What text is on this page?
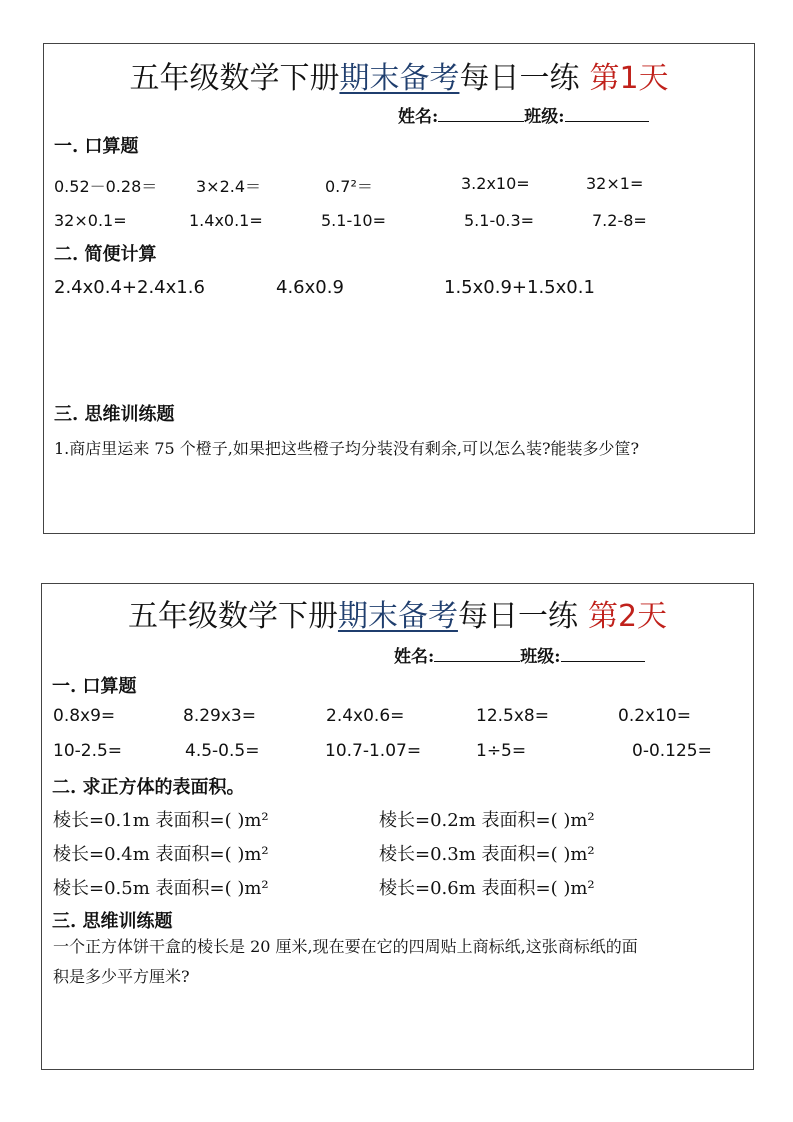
五年级数学下册期末备考每日一练 第1天
姓名:	班级:
一. 口算题
0.52－0.28＝ 3×2.4＝	0.7²＝	3.2x10=	32×1=
32×0.1=	1.4x0.1=	5.1-10=	5.1-0.3=	7.2-8=
二. 简便计算
2.4x0.4+2.4x1.6	4.6x0.9	1.5x0.9+1.5x0.1
三. 思维训练题
1.商店里运来 75 个橙子,如果把这些橙子均分装没有剩余,可以怎么装?能装多少筐?
五年级数学下册期末备考每日一练 第2天
姓名:	班级:
一. 口算题
0.8x9=	8.29x3=	2.4x0.6=	12.5x8=	0.2x10=
10-2.5=	4.5-0.5=	10.7-1.07=	1÷5=	0-0.125=
二. 求正方体的表面积。
棱长=0.1m 表面积=( )m²	棱长=0.2m 表面积=( )m²
棱长=0.4m 表面积=( )m²	棱长=0.3m 表面积=( )m²
棱长=0.5m 表面积=( )m²	棱长=0.6m 表面积=( )m²
三. 思维训练题
一个正方体饼干盒的棱长是 20 厘米,现在要在它的四周贴上商标纸,这张商标纸的面
积是多少平方厘米?
